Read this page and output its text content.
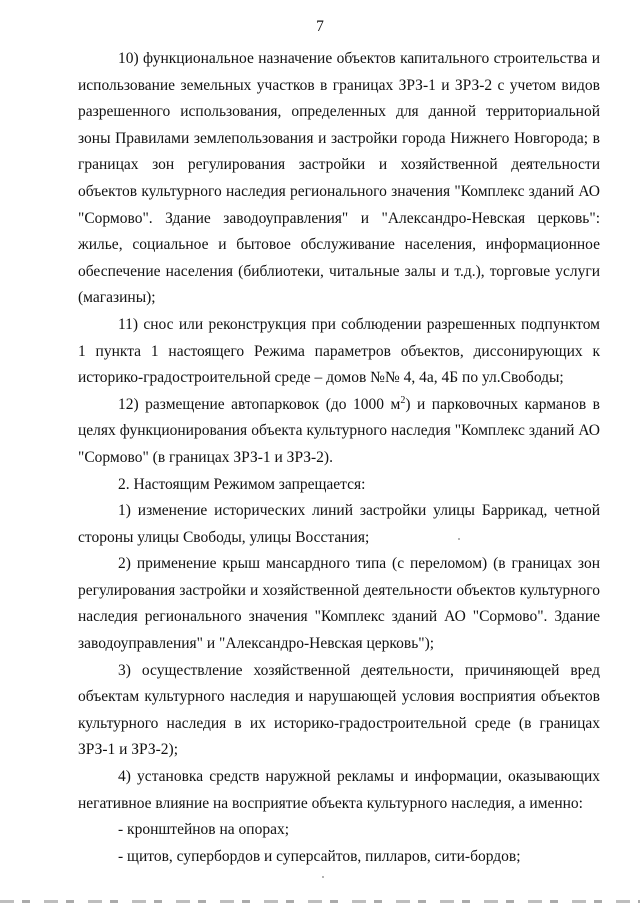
7

10) функциональное назначение объектов капитального строительства и использование земельных участков в границах ЗРЗ-1 и ЗРЗ-2 с учетом видов разрешенного использования, определенных для данной территориальной зоны Правилами землепользования и застройки города Нижнего Новгорода; в границах зон регулирования застройки и хозяйственной деятельности объектов культурного наследия регионального значения "Комплекс зданий АО "Сормово". Здание заводоуправления" и "Александро-Невская церковь": жилье, социальное и бытовое обслуживание населения, информационное обеспечение населения (библиотеки, читальные залы и т.д.), торговые услуги (магазины);

11) снос или реконструкция при соблюдении разрешенных подпунктом 1 пункта 1 настоящего Режима параметров объектов, диссонирующих к историко-градостроительной среде – домов №№ 4, 4а, 4Б по ул.Свободы;

12) размещение автопарковок (до 1000 $м^2$) и парковочных карманов в целях функционирования объекта культурного наследия "Комплекс зданий АО "Сормово" (в границах ЗРЗ-1 и ЗРЗ-2).

2. Настоящим Режимом запрещается:

1) изменение исторических линий застройки улицы Баррикад, четной стороны улицы Свободы, улицы Восстания;

2) применение крыш мансардного типа (с переломом) (в границах зон регулирования застройки и хозяйственной деятельности объектов культурного наследия регионального значения "Комплекс зданий АО "Сормово". Здание заводоуправления" и "Александро-Невская церковь");

3) осуществление хозяйственной деятельности, причиняющей вред объектам культурного наследия и нарушающей условия восприятия объектов культурного наследия в их историко-градостроительной среде (в границах ЗРЗ-1 и ЗРЗ-2);

4) установка средств наружной рекламы и информации, оказывающих негативное влияние на восприятие объекта культурного наследия, а именно:

- кронштейнов на опорах;

- щитов, супербордов и суперсайтов, пилларов, сити-бордов;
